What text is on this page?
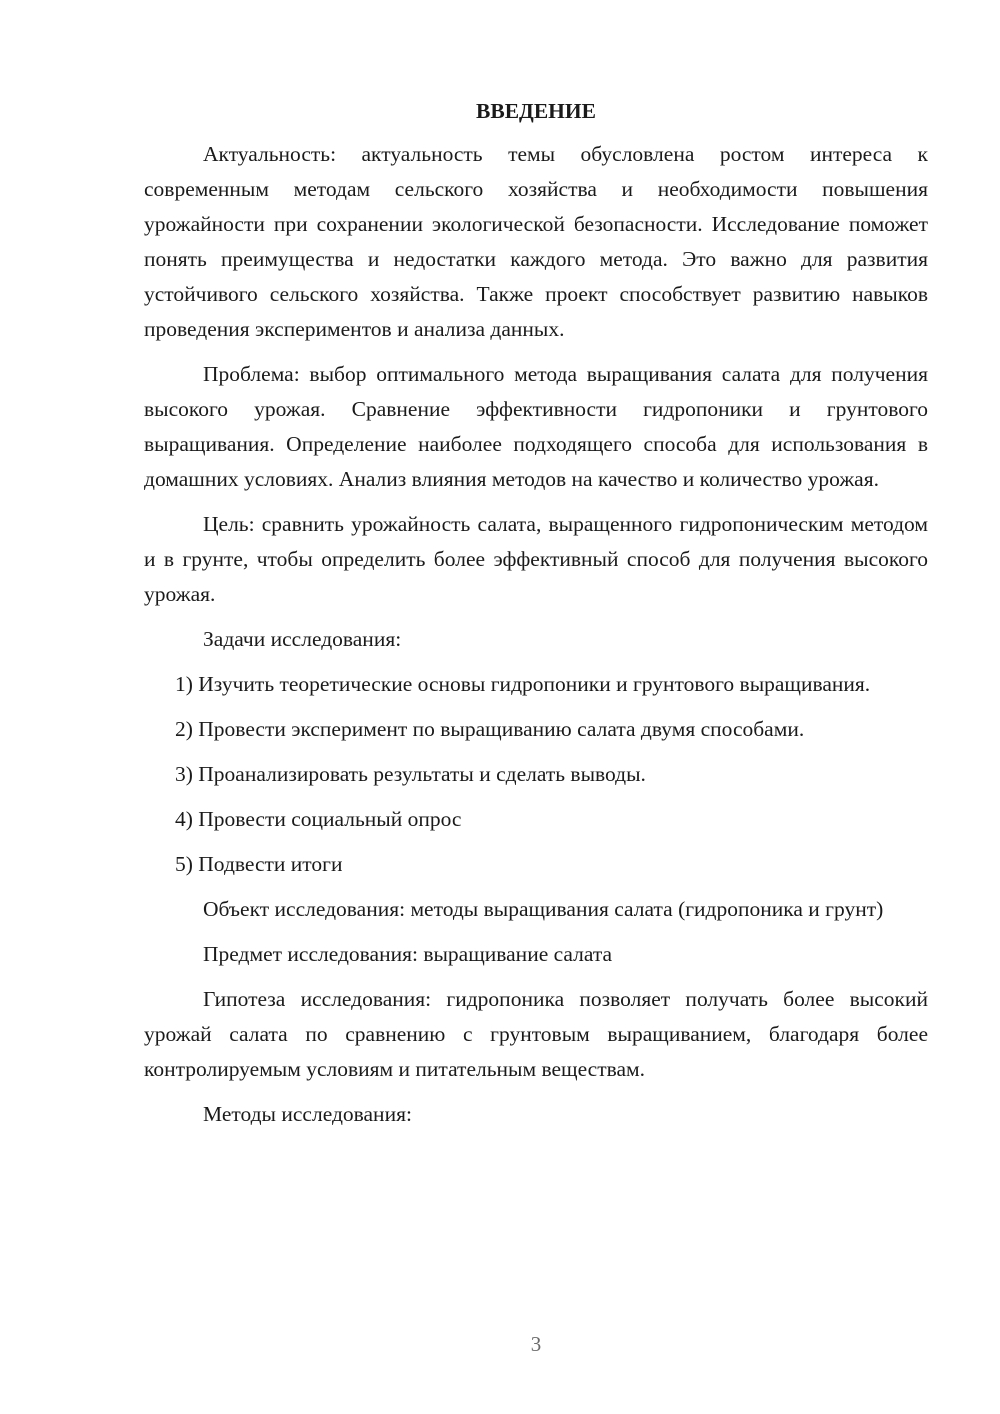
ВВЕДЕНИЕ

Актуальность: актуальность темы обусловлена ростом интереса к современным методам сельского хозяйства и необходимости повышения урожайности при сохранении экологической безопасности. Исследование поможет понять преимущества и недостатки каждого метода. Это важно для развития устойчивого сельского хозяйства. Также проект способствует развитию навыков проведения экспериментов и анализа данных.

Проблема: выбор оптимального метода выращивания салата для получения высокого урожая. Сравнение эффективности гидропоники и грунтового выращивания. Определение наиболее подходящего способа для использования в домашних условиях. Анализ влияния методов на качество и количество урожая.

Цель: сравнить урожайность салата, выращенного гидропоническим методом и в грунте, чтобы определить более эффективный способ для получения высокого урожая.

Задачи исследования:

1) Изучить теоретические основы гидропоники и грунтового выращивания.

2) Провести эксперимент по выращиванию салата двумя способами.

3) Проанализировать результаты и сделать выводы.

4) Провести социальный опрос

5) Подвести итоги

Объект исследования: методы выращивания салата (гидропоника и грунт)

Предмет исследования: выращивание салата

Гипотеза исследования: гидропоника позволяет получать более высокий урожай салата по сравнению с грунтовым выращиванием, благодаря более контролируемым условиям и питательным веществам.

Методы исследования:

3
